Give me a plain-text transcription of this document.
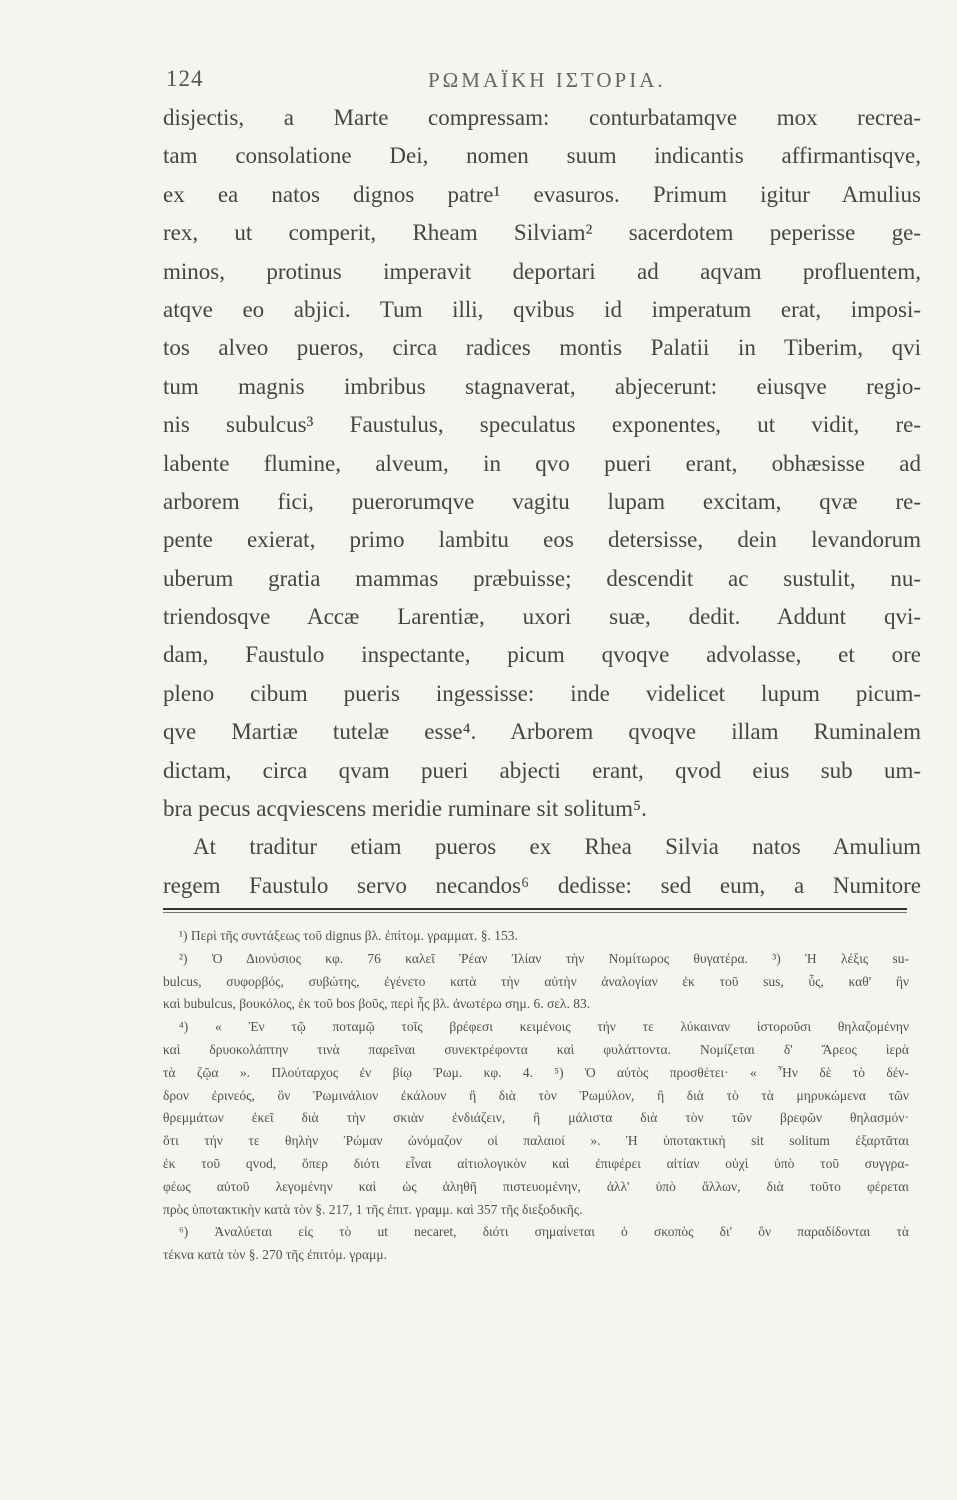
124	ΡΩΜΑΪΚΗ ΙΣΤΟΡΙΑ.
disjectis, a Marte compressam: conturbatamqve mox recrea-
tam consolatione Dei, nomen suum indicantis affirmantisqve,
ex ea natos dignos patre¹ evasuros. Primum igitur Amulius
rex, ut comperit, Rheam Silviam² sacerdotem peperisse ge-
minos, protinus imperavit deportari ad aqvam profluentem,
atqve eo abjici. Tum illi, qvibus id imperatum erat, imposi-
tos alveo pueros, circa radices montis Palatii in Tiberim, qvi
tum magnis imbribus stagnaverat, abjecerunt: eiusqve regio-
nis subulcus³ Faustulus, speculatus exponentes, ut vidit, re-
labente flumine, alveum, in qvo pueri erant, obhæsisse ad
arborem fici, puerorumqve vagitu lupam excitam, qvæ re-
pente exierat, primo lambitu eos detersisse, dein levandorum
uberum gratia mammas præbuisse; descendit ac sustulit, nu-
triendosqve Accæ Larentiæ, uxori suæ, dedit. Addunt qvi-
dam, Faustulo inspectante, picum qvoqve advolasse, et ore
pleno cibum pueris ingessisse: inde videlicet lupum picum-
qve Martiæ tutelæ esse⁴. Arborem qvoqve illam Ruminalem
dictam, circa qvam pueri abjecti erant, qvod eius sub um-
bra pecus acqviescens meridie ruminare sit solitum⁵.
At traditur etiam pueros ex Rhea Silvia natos Amulium
regem Faustulo servo necandos⁶ dedisse: sed eum, a Numitore
¹) Περὶ τῆς συντάξεως τοῦ dignus βλ. ἐπίτομ. γραμματ. §. 153.
²) Ὁ Διονύσιος κφ. 76 καλεῖ Ῥέαν Ἰλίαν τὴν Νομίτωρος θυγατέρα. ³) Ἡ λέξις su-
bulcus, συφορβός, συβώτης, ἐγένετο κατὰ τὴν αὐτὴν ἀναλογίαν ἐκ τοῦ sus, ὗς, καθ' ἣν
καὶ bubulcus, βουκόλος, ἐκ τοῦ bos βοῦς, περὶ ἧς βλ. ἀνωτέρω σημ. 6. σελ. 83.
⁴) « Ἐν τῷ ποταμῷ τοῖς βρέφεσι κειμένοις τήν τε λύκαιναν ἱστοροῦσι θηλαζομένην
καὶ δρυοκολάπτην τινὰ παρεῖναι συνεκτρέφοντα καὶ φυλάττοντα. Νομίζεται δ' Ἄρεος ἱερὰ
τὰ ζῷα ». Πλούταρχος ἐν βίῳ Ῥωμ. κφ. 4. ⁵) Ὁ αὐτὸς προσθέτει· « Ἦν δὲ τὸ δέν-
δρον ἐρινεός, ὃν Ῥωμινάλιον ἐκάλουν ἢ διὰ τὸν Ῥωμύλον, ἢ διὰ τὸ τὰ μηρυκώμενα τῶν
θρεμμάτων ἐκεῖ διὰ τὴν σκιὰν ἐνδιάζειν, ἢ μάλιστα διὰ τὸν τῶν βρεφῶν θηλασμόν·
ὅτι τήν τε θηλὴν Ῥώμαν ὠνόμαζον οἱ παλαιοί ». Ἡ ὑποτακτικὴ sit solitum ἐξαρτᾶται
ἐκ τοῦ qvod, ὅπερ διότι εἶναι αἰτιολογικὸν καὶ ἐπιφέρει αἰτίαν οὐχὶ ὑπὸ τοῦ συγγρα-
φέως αὐτοῦ λεγομένην καὶ ὡς ἀληθῆ πιστευομένην, ἀλλ' ὑπὸ ἄλλων, διὰ τοῦτο φέρεται
πρὸς ὑποτακτικὴν κατὰ τὸν §. 217, 1 τῆς ἐπιτ. γραμμ. καὶ 357 τῆς διεξοδικῆς.
⁶) Ἀναλύεται εἰς τὸ ut necaret, διότι σημαίνεται ὁ σκοπὸς δι' ὃν παραδίδονται τὰ
τέκνα κατὰ τὸν §. 270 τῆς ἐπιτόμ. γραμμ.
